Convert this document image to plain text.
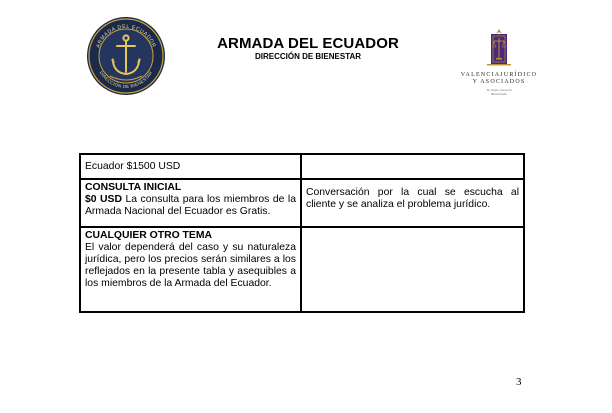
ARMADA DEL ECUADOR
DIRECCIÓN DE BIENESTAR
ARMADA DEL ECUADOR
DIRECCIÓN DE BIENESTAR
VALENCIAJURÍDICO
Y ASOCIADOS
Tu mejor asesoría
Bienvenido
Ecuador $1500 USD	

CONSULTA INICIAL
$0 USD La consulta para los miembros de la Armada Nacional del Ecuador es Gratis.	Conversación por la cual se escucha al cliente y se analiza el problema jurídico.

CUALQUIER OTRO TEMA
El valor dependerá del caso y su naturaleza jurídica, pero los precios serán similares a los reflejados en la presente tabla y asequibles a los miembros de la Armada del Ecuador.	

3
